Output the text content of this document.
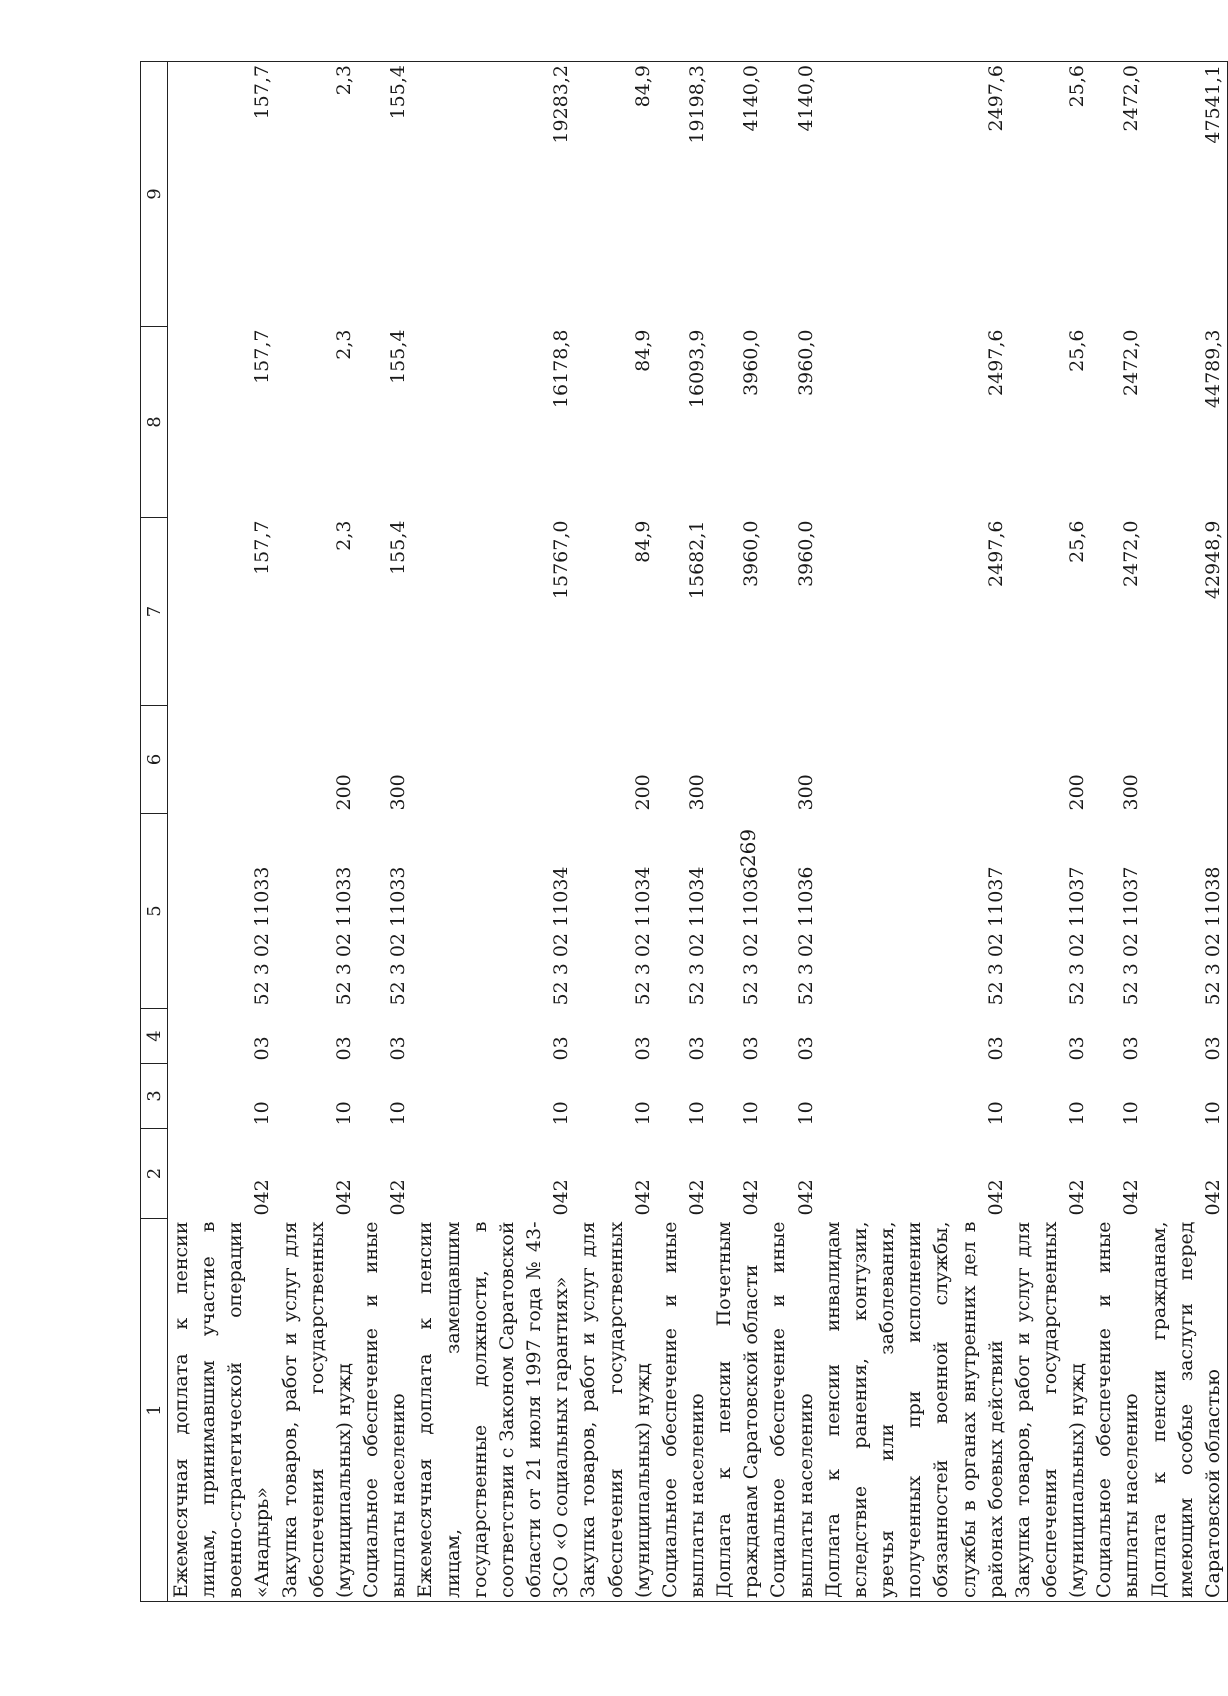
269
1	2	3	4	5	6	7	8	9
Ежемесячная доплата к пенсии лицам, принимавшим участие в военно-стратегической операции «Анадырь»	042	10	03	52 3 02 11033		157,7	157,7	157,7
Закупка товаров, работ и услуг для обеспечения государственных (муниципальных) нужд	042	10	03	52 3 02 11033	200	2,3	2,3	2,3
Социальное обеспечение и иные выплаты населению	042	10	03	52 3 02 11033	300	155,4	155,4	155,4
Ежемесячная доплата к пенсии лицам, замещавшим государственные должности, в соответствии с Законом Саратовской области от 21 июля 1997 года № 43-ЗСО «О социальных гарантиях»	042	10	03	52 3 02 11034		15767,0	16178,8	19283,2
Закупка товаров, работ и услуг для обеспечения государственных (муниципальных) нужд	042	10	03	52 3 02 11034	200	84,9	84,9	84,9
Социальное обеспечение и иные выплаты населению	042	10	03	52 3 02 11034	300	15682,1	16093,9	19198,3
Доплата к пенсии Почетным гражданам Саратовской области	042	10	03	52 3 02 11036		3960,0	3960,0	4140,0
Социальное обеспечение и иные выплаты населению	042	10	03	52 3 02 11036	300	3960,0	3960,0	4140,0
Доплата к пенсии инвалидам вследствие ранения, контузии, увечья или заболевания, полученных при исполнении обязанностей военной службы, службы в органах внутренних дел в районах боевых действий	042	10	03	52 3 02 11037		2497,6	2497,6	2497,6
Закупка товаров, работ и услуг для обеспечения государственных (муниципальных) нужд	042	10	03	52 3 02 11037	200	25,6	25,6	25,6
Социальное обеспечение и иные выплаты населению	042	10	03	52 3 02 11037	300	2472,0	2472,0	2472,0
Доплата к пенсии гражданам, имеющим особые заслуги перед Саратовской областью	042	10	03	52 3 02 11038		42948,9	44789,3	47541,1
